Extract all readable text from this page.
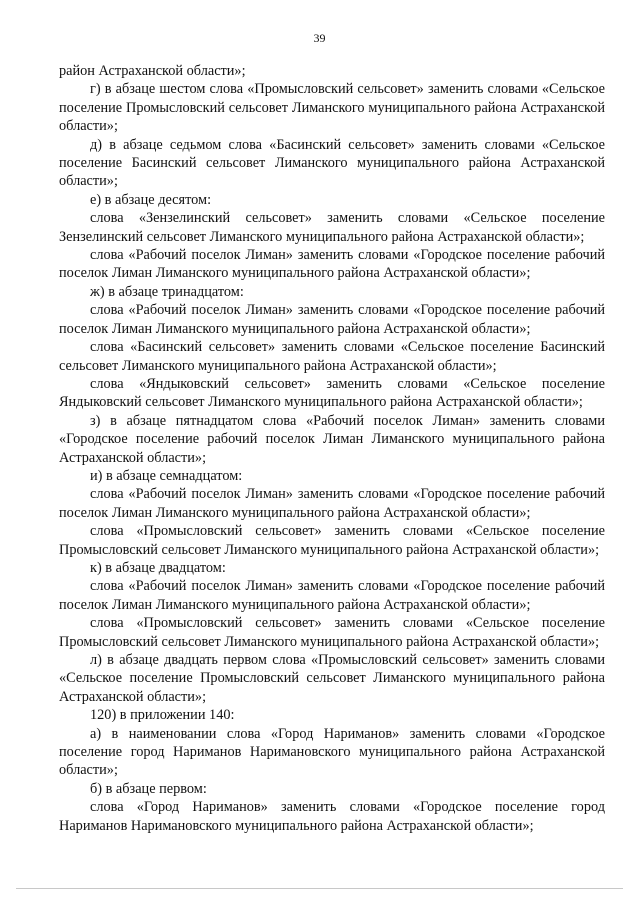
39

район Астраханской области»;

г) в абзаце шестом слова «Промысловский сельсовет» заменить словами «Сельское поселение Промысловский сельсовет Лиманского муниципального района Астраханской области»;

д) в абзаце седьмом слова «Басинский сельсовет» заменить словами «Сельское поселение Басинский сельсовет Лиманского муниципального района Астраханской области»;

е) в абзаце десятом:

слова «Зензелинский сельсовет» заменить словами «Сельское поселение Зензелинский сельсовет Лиманского муниципального района Астраханской области»;

слова «Рабочий поселок Лиман» заменить словами «Городское поселение рабочий поселок Лиман Лиманского муниципального района Астраханской области»;

ж) в абзаце тринадцатом:

слова «Рабочий поселок Лиман» заменить словами «Городское поселение рабочий поселок Лиман Лиманского муниципального района Астраханской области»;

слова «Басинский сельсовет» заменить словами «Сельское поселение Басинский сельсовет Лиманского муниципального района Астраханской области»;

слова «Яндыковский сельсовет» заменить словами «Сельское поселение Яндыковский сельсовет Лиманского муниципального района Астраханской области»;

з) в абзаце пятнадцатом слова «Рабочий поселок Лиман» заменить словами «Городское поселение рабочий поселок Лиман Лиманского муниципального района Астраханской области»;

и) в абзаце семнадцатом:

слова «Рабочий поселок Лиман» заменить словами «Городское поселение рабочий поселок Лиман Лиманского муниципального района Астраханской области»;

слова «Промысловский сельсовет» заменить словами «Сельское поселение Промысловский сельсовет Лиманского муниципального района Астраханской области»;

к) в абзаце двадцатом:

слова «Рабочий поселок Лиман» заменить словами «Городское поселение рабочий поселок Лиман Лиманского муниципального района Астраханской области»;

слова «Промысловский сельсовет» заменить словами «Сельское поселение Промысловский сельсовет Лиманского муниципального района Астраханской области»;

л) в абзаце двадцать первом слова «Промысловский сельсовет» заменить словами «Сельское поселение Промысловский сельсовет Лиманского муниципального района Астраханской области»;

120) в приложении 140:

а) в наименовании слова «Город Нариманов» заменить словами «Городское поселение город Нариманов Наримановского муниципального района Астраханской области»;

б) в абзаце первом:

слова «Город Нариманов» заменить словами «Городское поселение город Нариманов Наримановского муниципального района Астраханской области»;
